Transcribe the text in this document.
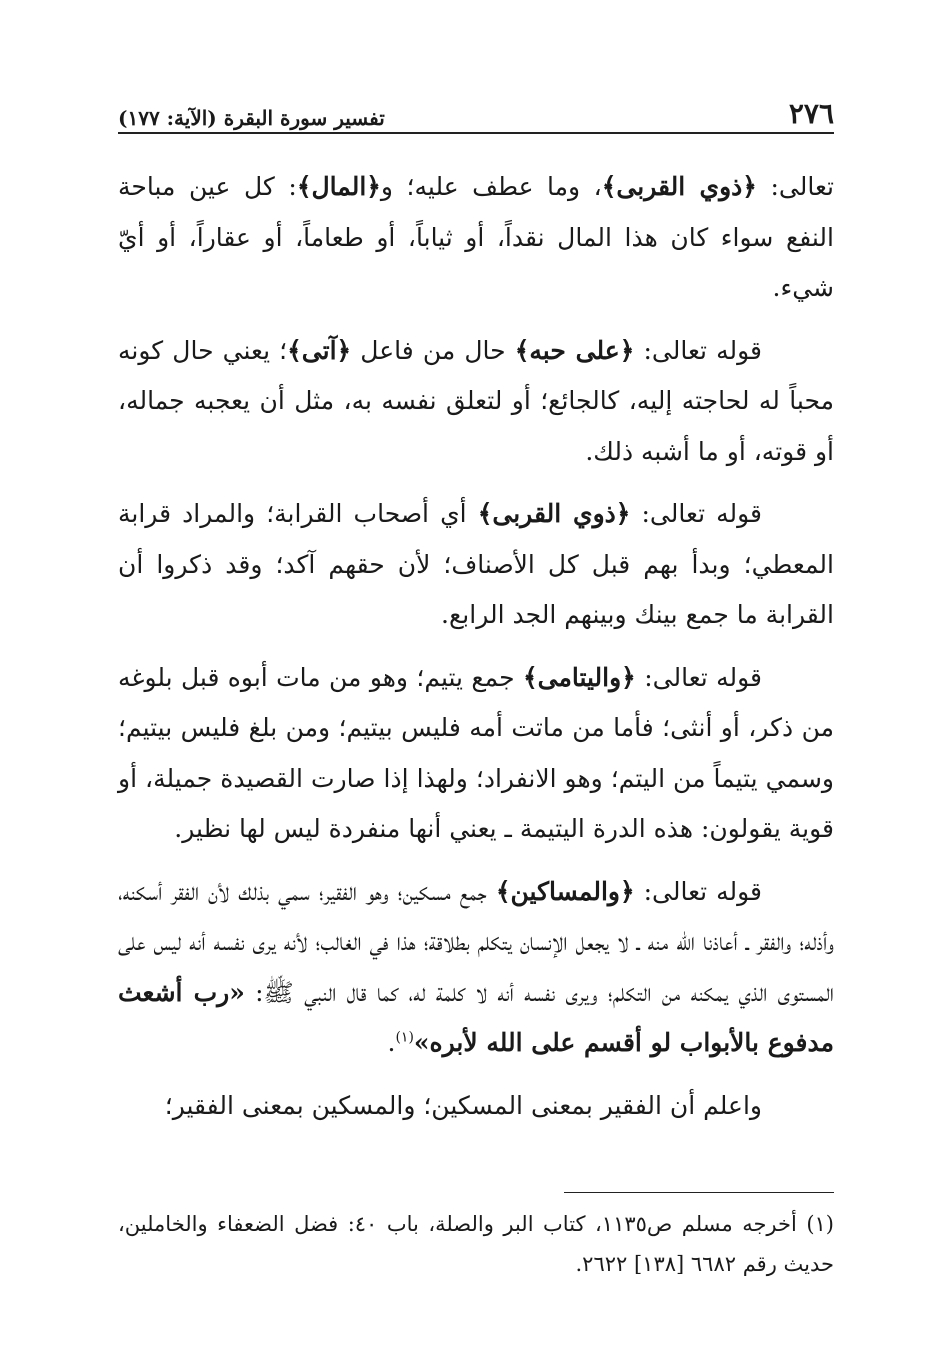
٢٧٦
تفسير سورة البقرة (الآية: ١٧٧)

تعالى: ﴿ذوي القربى﴾، وما عطف عليه؛ و﴿المال﴾: كل عين مباحة النفع سواء كان هذا المال نقداً، أو ثياباً، أو طعاماً، أو عقاراً، أو أيّ شيء.

قوله تعالى: ﴿على حبه﴾ حال من فاعل ﴿آتى﴾؛ يعني حال كونه محباً له لحاجته إليه، كالجائع؛ أو لتعلق نفسه به، مثل أن يعجبه جماله، أو قوته، أو ما أشبه ذلك.

قوله تعالى: ﴿ذوي القربى﴾ أي أصحاب القرابة؛ والمراد قرابة المعطي؛ وبدأ بهم قبل كل الأصناف؛ لأن حقهم آكد؛ وقد ذكروا أن القرابة ما جمع بينك وبينهم الجد الرابع.

قوله تعالى: ﴿واليتامى﴾ جمع يتيم؛ وهو من مات أبوه قبل بلوغه من ذكر، أو أنثى؛ فأما من ماتت أمه فليس بيتيم؛ ومن بلغ فليس بيتيم؛ وسمي يتيماً من اليتم؛ وهو الانفراد؛ ولهذا إذا صارت القصيدة جميلة، أو قوية يقولون: هذه الدرة اليتيمة ـ يعني أنها منفردة ليس لها نظير.

قوله تعالى: ﴿والمساكين﴾ جمع مسكين؛ وهو الفقير؛ سمي بذلك لأن الفقر أسكنه، وأذله؛ والفقر ـ أعاذنا الله منه ـ لا يجعل الإنسان يتكلم بطلاقة؛ هذا في الغالب؛ لأنه يرى نفسه أنه ليس على المستوى الذي يمكنه من التكلم؛ ويرى نفسه أنه لا كلمة له، كما قال النبي ﷺ: «رب أشعث مدفوع بالأبواب لو أقسم على الله لأبره»$^{(١)}$.

واعلم أن الفقير بمعنى المسكين؛ والمسكين بمعنى الفقير؛

(١) أخرجه مسلم ص١١٣٥، كتاب البر والصلة، باب ٤٠: فضل الضعفاء والخاملين، حديث رقم ٦٦٨٢ [١٣٨] ٢٦٢٢.
